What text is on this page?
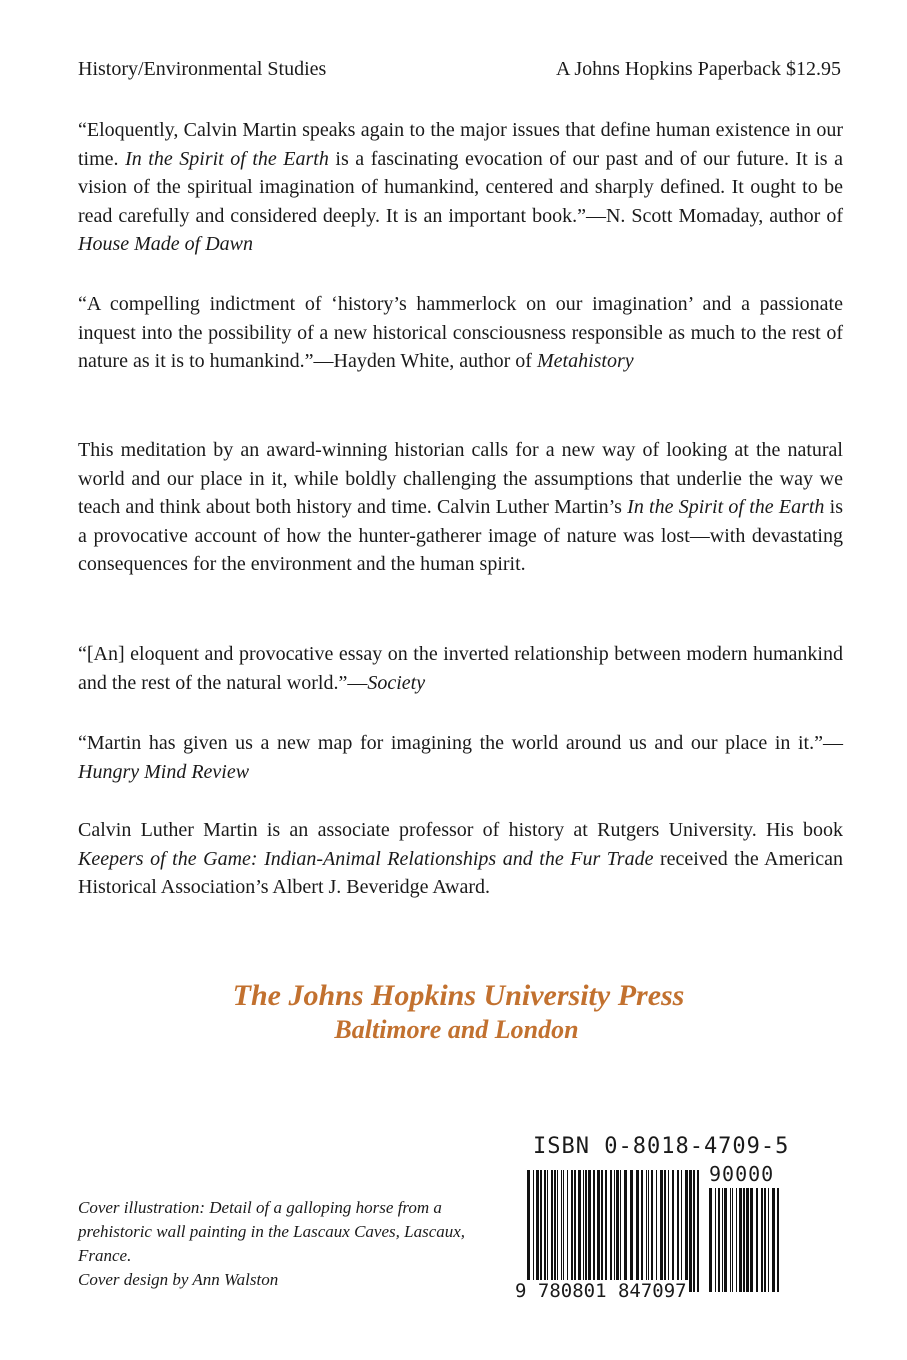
History/Environmental Studies	A Johns Hopkins Paperback $12.95

“Eloquently, Calvin Martin speaks again to the major issues that define human existence in our time. In the Spirit of the Earth is a fascinating evocation of our past and of our future. It is a vision of the spiritual imagination of humankind, centered and sharply defined. It ought to be read carefully and considered deeply. It is an important book.”—N. Scott Momaday, author of House Made of Dawn

“A compelling indictment of ‘history’s hammerlock on our imagination’ and a passionate inquest into the possibility of a new historical consciousness responsible as much to the rest of nature as it is to humankind.”—Hayden White, author of Metahistory

This meditation by an award-winning historian calls for a new way of looking at the natural world and our place in it, while boldly challenging the assumptions that underlie the way we teach and think about both history and time. Calvin Luther Martin’s In the Spirit of the Earth is a provocative account of how the hunter-gatherer image of nature was lost—with devastating consequences for the environment and the human spirit.

“[An] eloquent and provocative essay on the inverted relationship between modern humankind and the rest of the natural world.”—Society

“Martin has given us a new map for imagining the world around us and our place in it.”—Hungry Mind Review

Calvin Luther Martin is an associate professor of history at Rutgers University. His book Keepers of the Game: Indian-Animal Relationships and the Fur Trade received the American Historical Association’s Albert J. Beveridge Award.

The Johns Hopkins University Press
Baltimore and London

Cover illustration: Detail of a galloping horse from a prehistoric wall painting in the Lascaux Caves, Lascaux, France.

Cover design by Ann Walston

ISBN 0-8018-4709-5
90000
9 780801 847097
